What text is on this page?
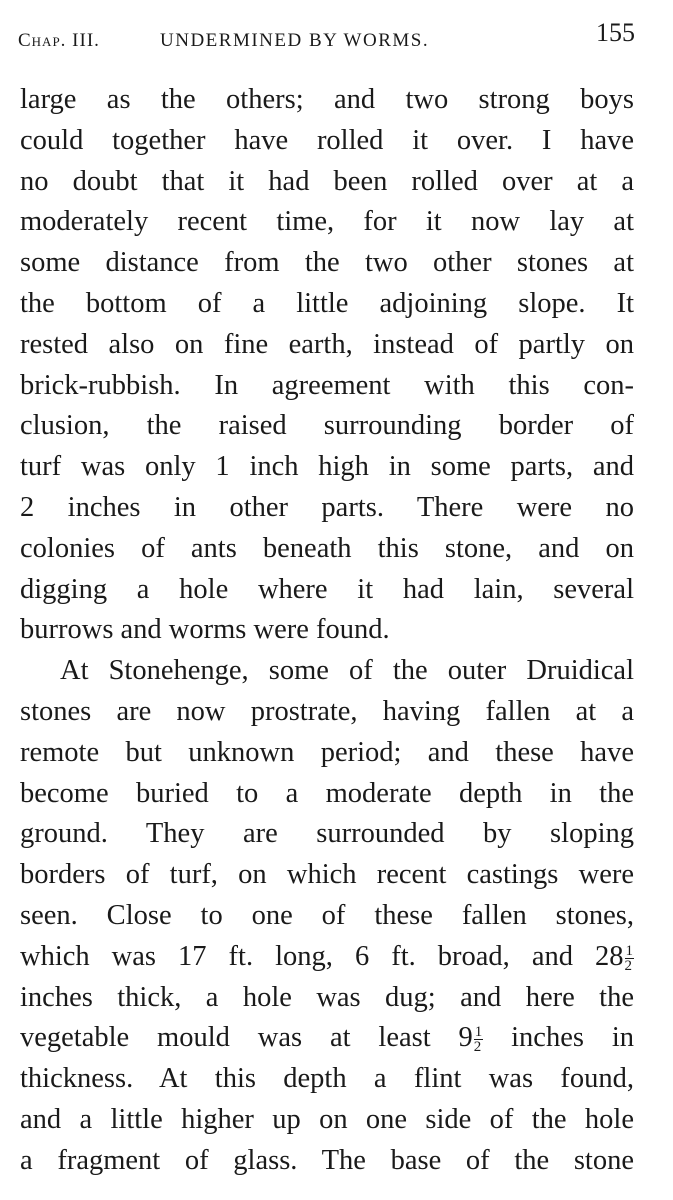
Chap. III.	UNDERMINED BY WORMS.	155
large as the others; and two strong boys
could together have rolled it over. I have
no doubt that it had been rolled over at a
moderately recent time, for it now lay at
some distance from the two other stones at
the bottom of a little adjoining slope. It
rested also on fine earth, instead of partly on
brick-rubbish. In agreement with this con-
clusion, the raised surrounding border of
turf was only 1 inch high in some parts, and
2 inches in other parts. There were no
colonies of ants beneath this stone, and on
digging a hole where it had lain, several
burrows and worms were found.
At Stonehenge, some of the outer Druidical
stones are now prostrate, having fallen at a
remote but unknown period; and these have
become buried to a moderate depth in the
ground. They are surrounded by sloping
borders of turf, on which recent castings were
seen. Close to one of these fallen stones,
which was 17 ft. long, 6 ft. broad, and $28 \frac{1}{2}$
inches thick, a hole was dug; and here the
vegetable mould was at least $9 \frac{1}{2}$ inches in
thickness. At this depth a flint was found,
and a little higher up on one side of the hole
a fragment of glass. The base of the stone
